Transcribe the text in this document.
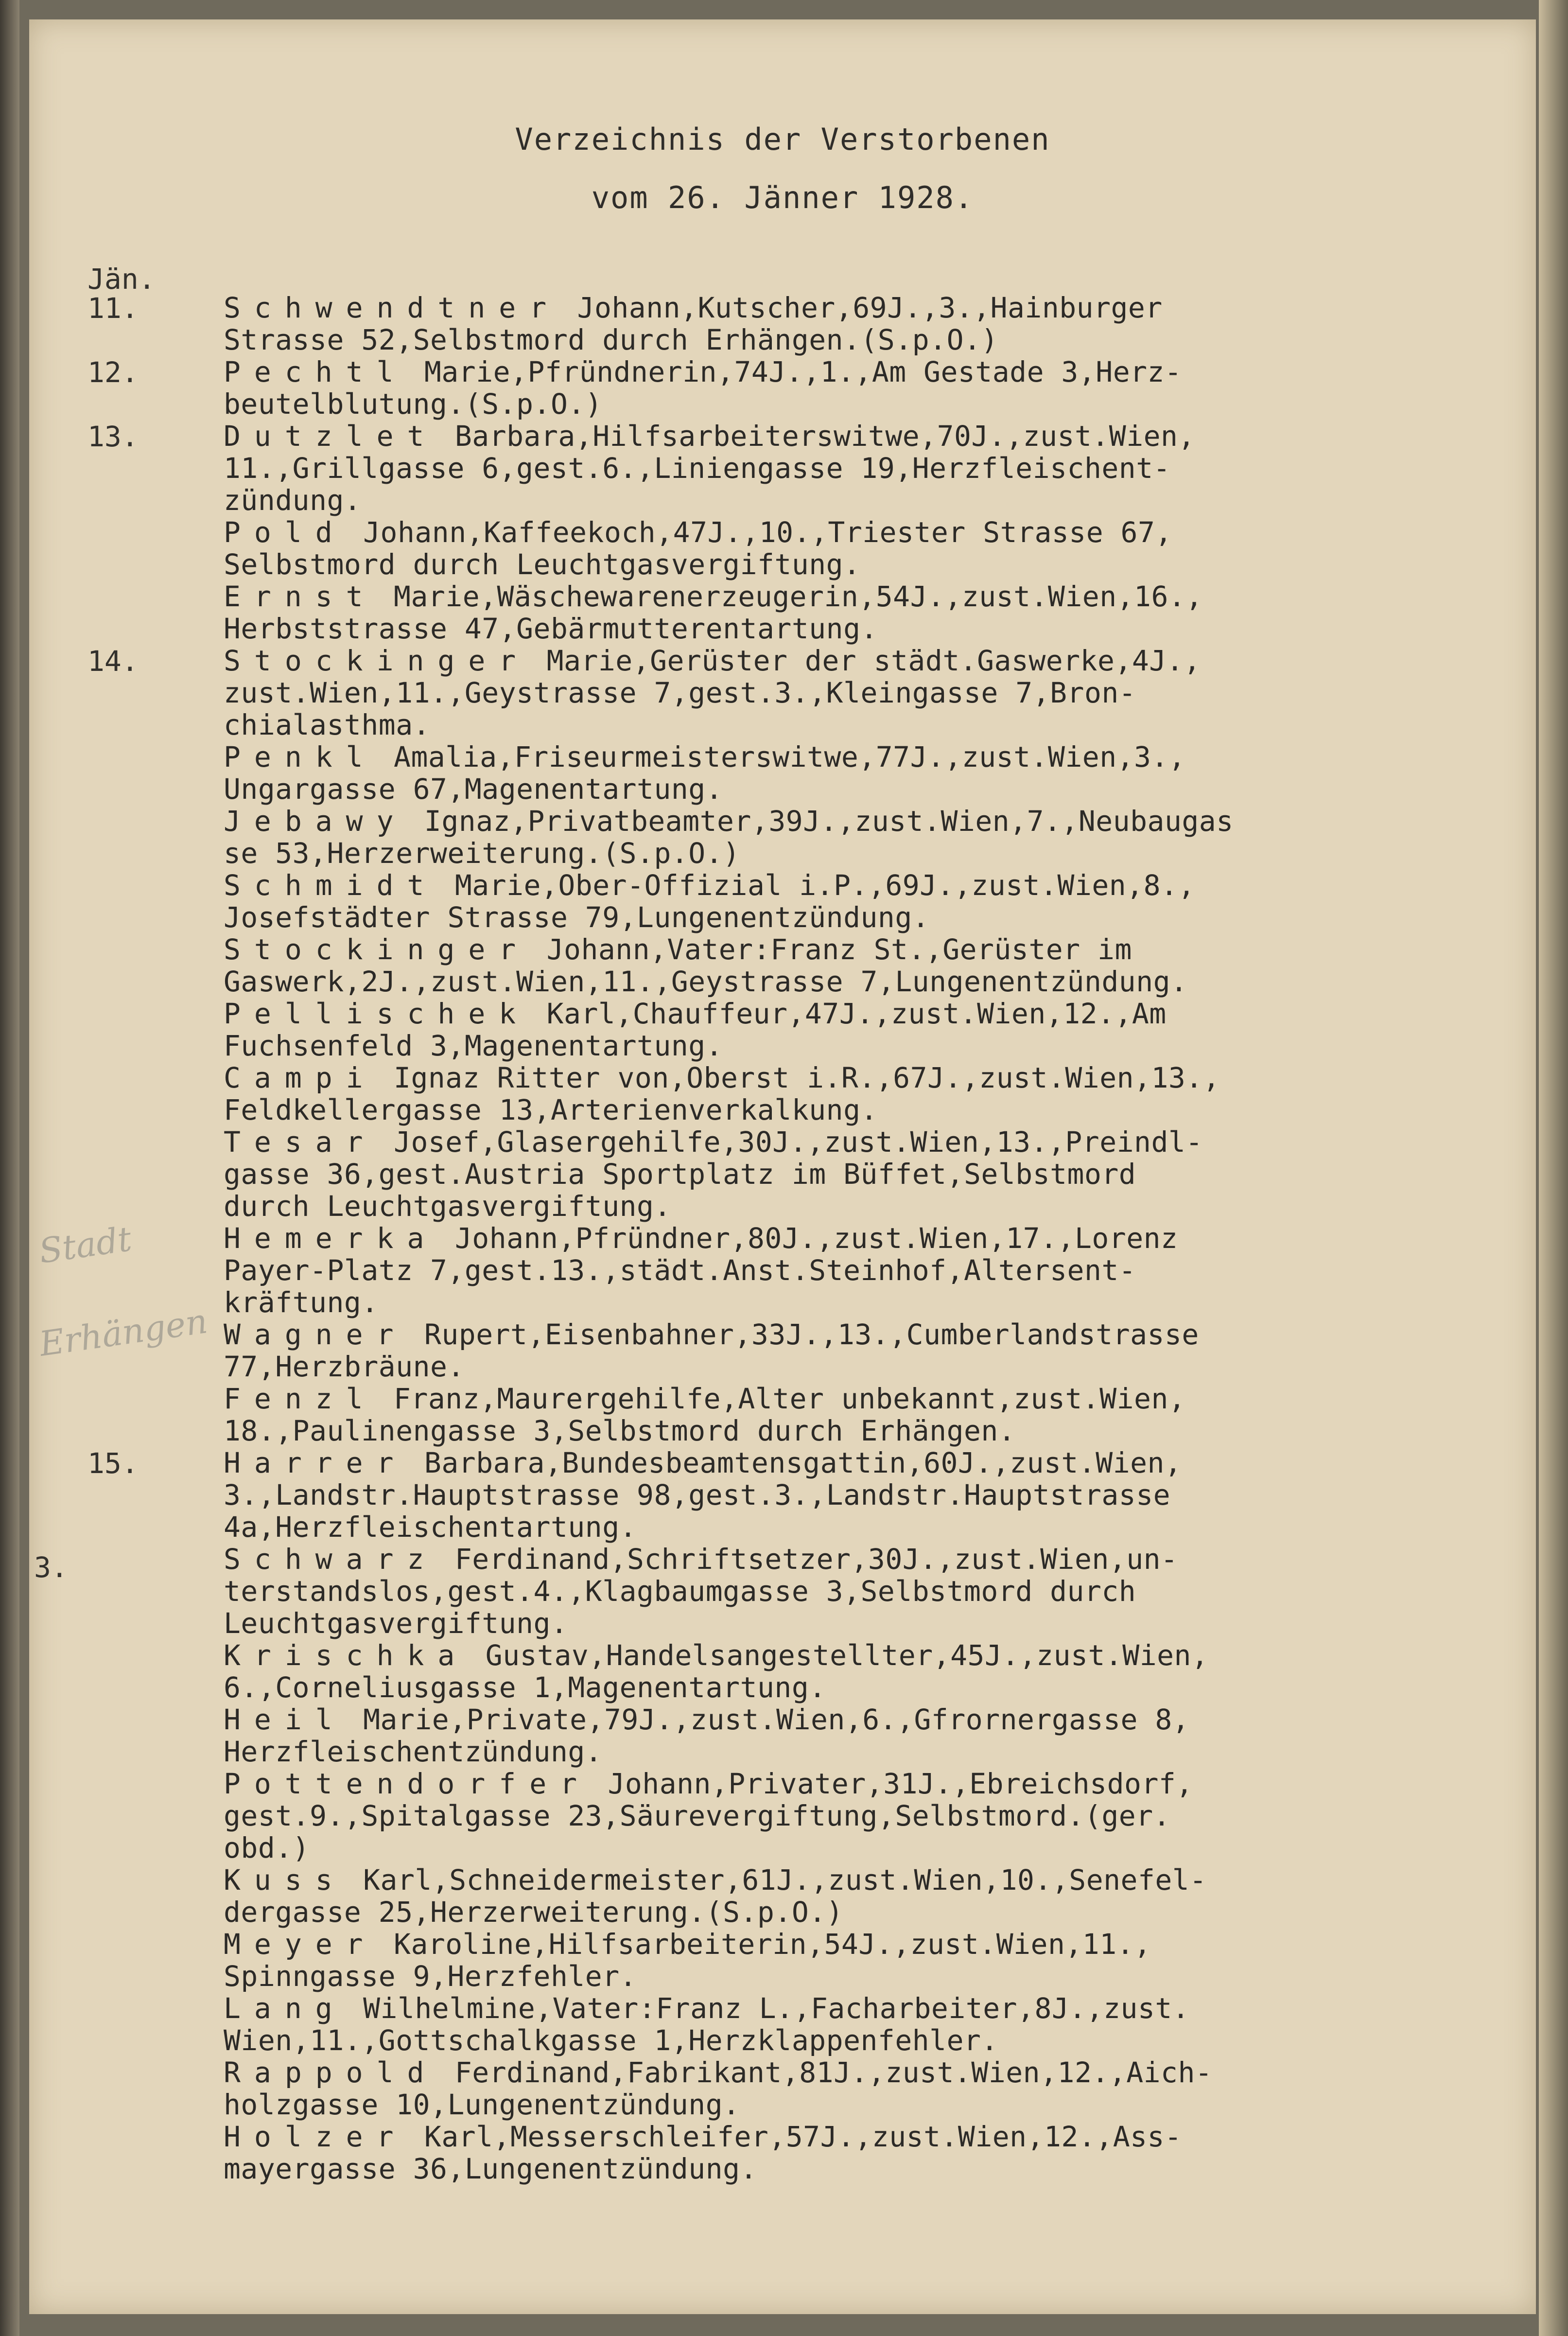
Verzeichnis der Verstorbenen
vom 26. Jänner 1928.
Jän.
Stadt
Erhängen
3.
11.	Schwendtner Johann,Kutscher,69J.,3.,Hainburger
Strasse 52,Selbstmord durch Erhängen.(S.p.O.)
12.	Pechtl Marie,Pfründnerin,74J.,1.,Am Gestade 3,Herz-
beutelblutung.(S.p.O.)
13.	Dutzlet Barbara,Hilfsarbeiterswitwe,70J.,zust.Wien,
11.,Grillgasse 6,gest.6.,Liniengasse 19,Herzfleischent-
zündung.
Pold Johann,Kaffeekoch,47J.,10.,Triester Strasse 67,
Selbstmord durch Leuchtgasvergiftung.
Ernst Marie,Wäschewarenerzeugerin,54J.,zust.Wien,16.,
Herbststrasse 47,Gebärmutterentartung.
14.	Stockinger Marie,Gerüster der städt.Gaswerke,4J.,
zust.Wien,11.,Geystrasse 7,gest.3.,Kleingasse 7,Bron-
chialasthma.
Penkl Amalia,Friseurmeisterswitwe,77J.,zust.Wien,3.,
Ungargasse 67,Magenentartung.
Jebawy Ignaz,Privatbeamter,39J.,zust.Wien,7.,Neubaugas
se 53,Herzerweiterung.(S.p.O.)
Schmidt Marie,Ober-Offizial i.P.,69J.,zust.Wien,8.,
Josefstädter Strasse 79,Lungenentzündung.
Stockinger Johann,Vater:Franz St.,Gerüster im
Gaswerk,2J.,zust.Wien,11.,Geystrasse 7,Lungenentzündung.
Pellischek Karl,Chauffeur,47J.,zust.Wien,12.,Am
Fuchsenfeld 3,Magenentartung.
Campi Ignaz Ritter von,Oberst i.R.,67J.,zust.Wien,13.,
Feldkellergasse 13,Arterienverkalkung.
Tesar Josef,Glasergehilfe,30J.,zust.Wien,13.,Preindl-
gasse 36,gest.Austria Sportplatz im Büffet,Selbstmord
durch Leuchtgasvergiftung.
Hemerka Johann,Pfründner,80J.,zust.Wien,17.,Lorenz
Payer-Platz 7,gest.13.,städt.Anst.Steinhof,Altersent-
kräftung.
Wagner Rupert,Eisenbahner,33J.,13.,Cumberlandstrasse
77,Herzbräune.
Fenzl Franz,Maurergehilfe,Alter unbekannt,zust.Wien,
18.,Paulinengasse 3,Selbstmord durch Erhängen.
15.	Harrer Barbara,Bundesbeamtensgattin,60J.,zust.Wien,
3.,Landstr.Hauptstrasse 98,gest.3.,Landstr.Hauptstrasse
4a,Herzfleischentartung.
Schwarz Ferdinand,Schriftsetzer,30J.,zust.Wien,un-
terstandslos,gest.4.,Klagbaumgasse 3,Selbstmord durch
Leuchtgasvergiftung.
Krischka Gustav,Handelsangestellter,45J.,zust.Wien,
6.,Corneliusgasse 1,Magenentartung.
Heil Marie,Private,79J.,zust.Wien,6.,Gfrornergasse 8,
Herzfleischentzündung.
Pottendorfer Johann,Privater,31J.,Ebreichsdorf,
gest.9.,Spitalgasse 23,Säurevergiftung,Selbstmord.(ger.
obd.)
Kuss Karl,Schneidermeister,61J.,zust.Wien,10.,Senefel-
dergasse 25,Herzerweiterung.(S.p.O.)
Meyer Karoline,Hilfsarbeiterin,54J.,zust.Wien,11.,
Spinngasse 9,Herzfehler.
Lang Wilhelmine,Vater:Franz L.,Facharbeiter,8J.,zust.
Wien,11.,Gottschalkgasse 1,Herzklappenfehler.
Rappold Ferdinand,Fabrikant,81J.,zust.Wien,12.,Aich-
holzgasse 10,Lungenentzündung.
Holzer Karl,Messerschleifer,57J.,zust.Wien,12.,Ass-
mayergasse 36,Lungenentzündung.
